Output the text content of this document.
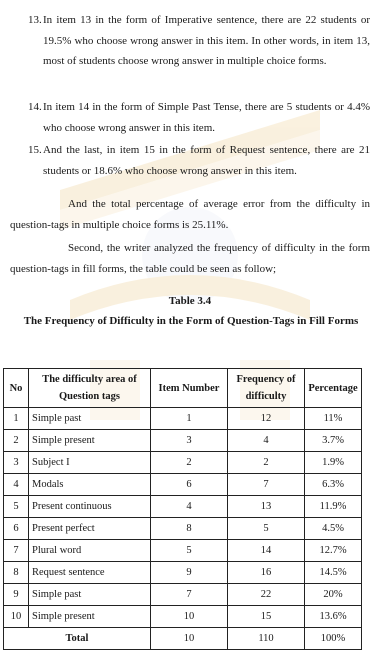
13. In item 13 in the form of Imperative sentence, there are 22 students or 19.5% who choose wrong answer in this item. In other words, in item 13, most of students choose wrong answer in multiple choice forms.
14. In item 14 in the form of Simple Past Tense, there are 5 students or 4.4% who choose wrong answer in this item.
15. And the last, in item 15 in the form of Request sentence, there are 21 students or 18.6% who choose wrong answer in this item.

And the total percentage of average error from the difficulty in question-tags in multiple choice forms is 25.11%.

Second, the writer analyzed the frequency of difficulty in the form question-tags in fill forms, the table could be seen as follow;

Table 3.4
The Frequency of Difficulty in the Form of Question-Tags in Fill Forms
No	The difficulty area of Question tags	Item Number	Frequency of difficulty	Percentage
1	Simple past	1	12	11%
2	Simple present	3	4	3.7%
3	Subject I	2	2	1.9%
4	Modals	6	7	6.3%
5	Present continuous	4	13	11.9%
6	Present perfect	8	5	4.5%
7	Plural word	5	14	12.7%
8	Request sentence	9	16	14.5%
9	Simple past	7	22	20%
10	Simple present	10	15	13.6%
Total		10	110	100%
